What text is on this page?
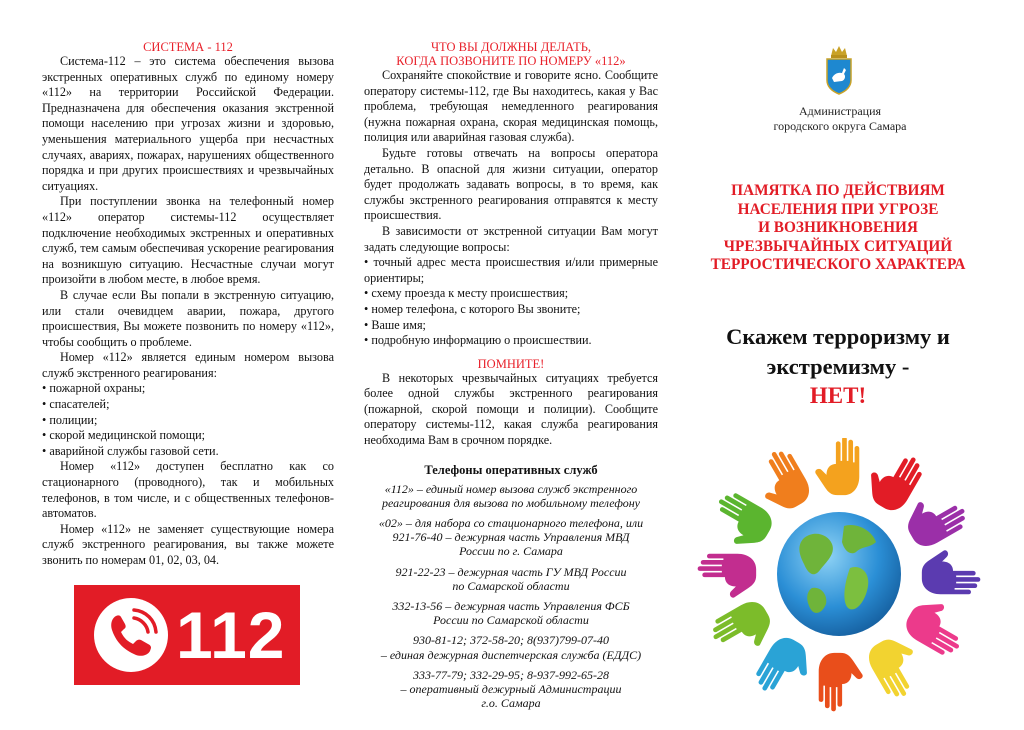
СИСТЕМА - 112

Система-112 – это система обеспечения вызова экстренных оперативных служб по единому номеру «112» на территории Российской Федерации. Предназначена для обеспечения оказания экстренной помощи населению при угрозах жизни и здоровью, уменьшения материального ущерба при несчастных случаях, авариях, пожарах, нарушениях общественного порядка и при других происшествиях и чрезвычайных ситуациях.

При поступлении звонка на телефонный номер «112» оператор системы-112 осуществляет подключение необходимых экстренных и оперативных служб, тем самым обеспечивая ускорение реагирования на возникшую ситуацию. Несчастные случаи могут произойти в любом месте, в любое время.

В случае если Вы попали в экстренную ситуацию, или стали очевидцем аварии, пожара, другого происшествия, Вы можете позвонить по номеру «112», чтобы сообщить о проблеме.

Номер «112» является единым номером вызова служб экстренного реагирования:

• пожарной охраны;
• спасателей;
• полиции;
• скорой медицинской помощи;
• аварийной службы газовой сети.

Номер «112» доступен бесплатно как со стационарного (проводного), так и мобильных телефонов, в том числе, и с общественных телефонов-автоматов.

Номер «112» не заменяет существующие номера служб экстренного реагирования, вы также можете звонить по номерам 01, 02, 03, 04.

112
ЧТО ВЫ ДОЛЖНЫ ДЕЛАТЬ,
КОГДА ПОЗВОНИТЕ ПО НОМЕРУ «112»

Сохраняйте спокойствие и говорите ясно. Сообщите оператору системы-112, где Вы находитесь, какая у Вас проблема, требующая немедленного реагирования (нужна пожарная охрана, скорая медицинская помощь, полиция или аварийная газовая служба).

Будьте готовы отвечать на вопросы оператора детально. В опасной для жизни ситуации, оператор будет продолжать задавать вопросы, в то время, как службы экстренного реагирования отправятся к месту происшествия.

В зависимости от экстренной ситуации Вам могут задать следующие вопросы:

• точный адрес места происшествия и/или примерные ориентиры;
• схему проезда к месту происшествия;
• номер телефона, с которого Вы звоните;
• Ваше имя;
• подробную информацию о происшествии.
ПОМНИТЕ!

В некоторых чрезвычайных ситуациях требуется более одной службы экстренного реагирования (пожарной, скорой помощи и полиции). Сообщите оператору системы-112, какая служба реагирования необходима Вам в срочном порядке.

Телефоны оперативных служб
«112» – единый номер вызова служб экстренного
реагирования для вызова по мобильному телефону
«02» – для набора со стационарного телефона, или
921-76-40 – дежурная часть Управления МВД
России по г. Самара
921-22-23 – дежурная часть ГУ МВД России
по Самарской области
332-13-56 – дежурная часть Управления ФСБ
России по Самарской области
930-81-12; 372-58-20; 8(937)799-07-40
– единая дежурная диспетчерская служба (ЕДДС)
333-77-79; 332-29-95; 8-937-992-65-28
– оперативный дежурный Администрации
г.о. Самара
Администрация
городского округа Самара
ПАМЯТКА ПО ДЕЙСТВИЯМ
НАСЕЛЕНИЯ ПРИ УГРОЗЕ
И ВОЗНИКНОВЕНИЯ
ЧРЕЗВЫЧАЙНЫХ СИТУАЦИЙ
ТЕРРОСТИЧЕСКОГО ХАРАКТЕРА
Скажем терроризму и
экстремизму -
НЕТ!
